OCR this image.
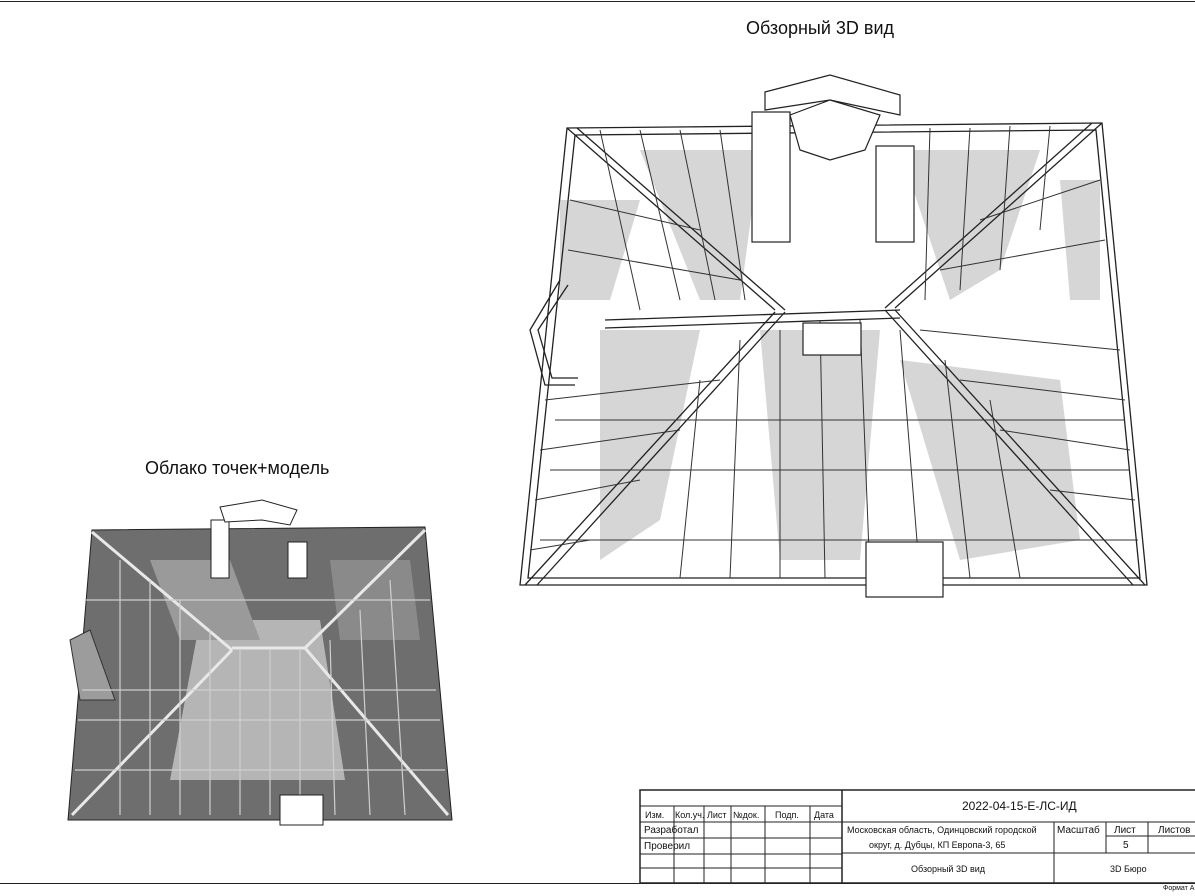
Обзорный 3D вид
Облако точек+модель
Изм. Кол.уч. Лист №док. Подп. Дата
Разработал
Проверил
2022-04-15-Е-ЛС-ИД
Московская область, Одинцовский городской
округ, д. Дубцы, КП Европа-3, 65
Масштаб Лист Листов
5
Обзорный 3D вид	3D Бюро
Формат А
